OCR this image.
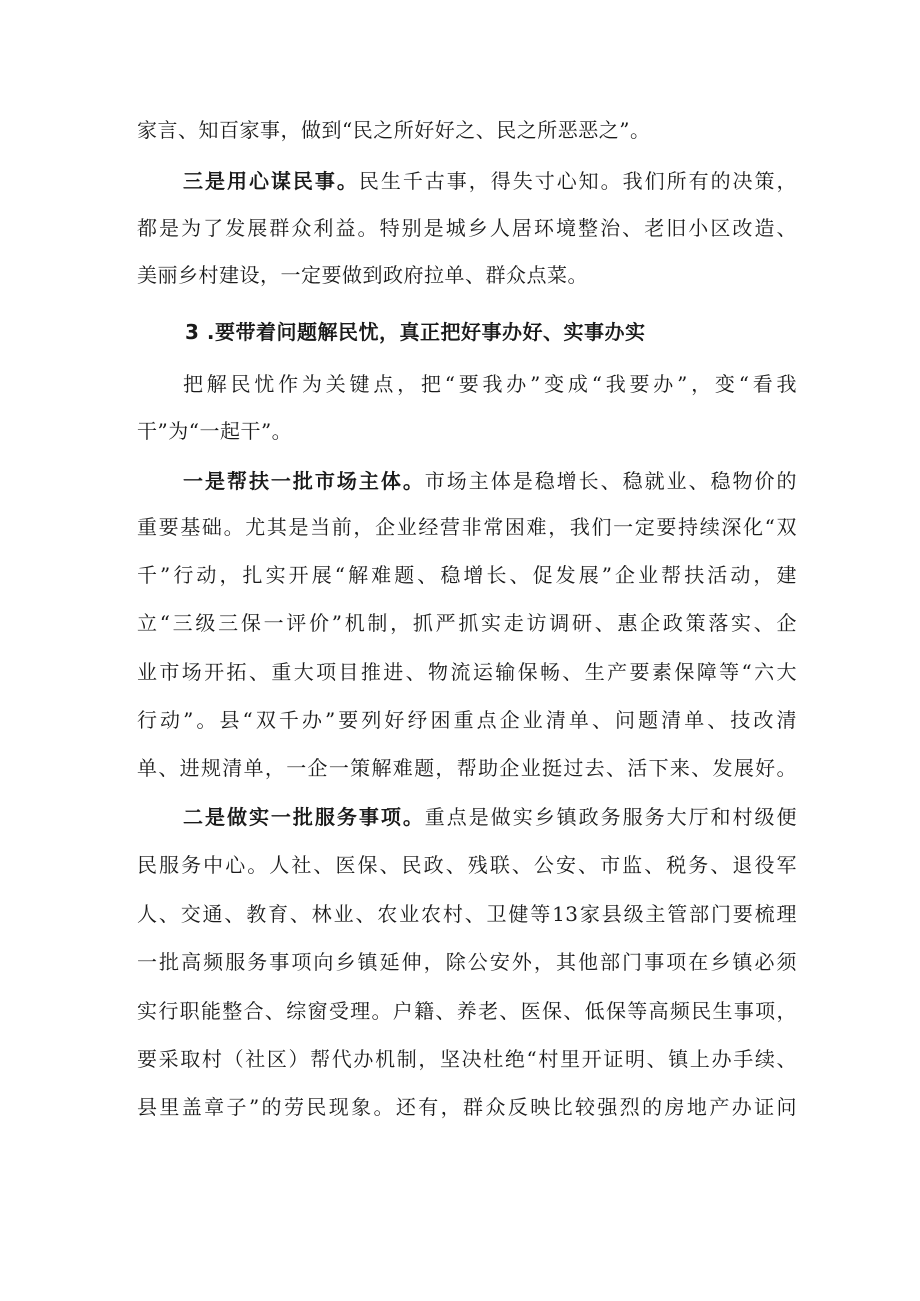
家言、知百家事，做到“民之所好好之、民之所恶恶之”。
三是用心谋民事。民生千古事，得失寸心知。我们所有的决策，
都是为了发展群众利益。特别是城乡人居环境整治、老旧小区改造、
美丽乡村建设，一定要做到政府拉单、群众点菜。
3 .要带着问题解民忧，真正把好事办好、实事办实
把解民忧作为关键点，把“要我办”变成“我要办”，变“看我
干”为“一起干”。
一是帮扶一批市场主体。市场主体是稳增长、稳就业、稳物价的
重要基础。尤其是当前，企业经营非常困难，我们一定要持续深化“双
千”行动，扎实开展“解难题、稳增长、促发展”企业帮扶活动，建
立“三级三保一评价”机制，抓严抓实走访调研、惠企政策落实、企
业市场开拓、重大项目推进、物流运输保畅、生产要素保障等“六大
行动”。县“双千办”要列好纾困重点企业清单、问题清单、技改清
单、进规清单，一企一策解难题，帮助企业挺过去、活下来、发展好。
二是做实一批服务事项。重点是做实乡镇政务服务大厅和村级便
民服务中心。人社、医保、民政、残联、公安、市监、税务、退役军
人、交通、教育、林业、农业农村、卫健等13家县级主管部门要梳理
一批高频服务事项向乡镇延伸，除公安外，其他部门事项在乡镇必须
实行职能整合、综窗受理。户籍、养老、医保、低保等高频民生事项，
要采取村（社区）帮代办机制，坚决杜绝“村里开证明、镇上办手续、
县里盖章子”的劳民现象。还有，群众反映比较强烈的房地产办证问
